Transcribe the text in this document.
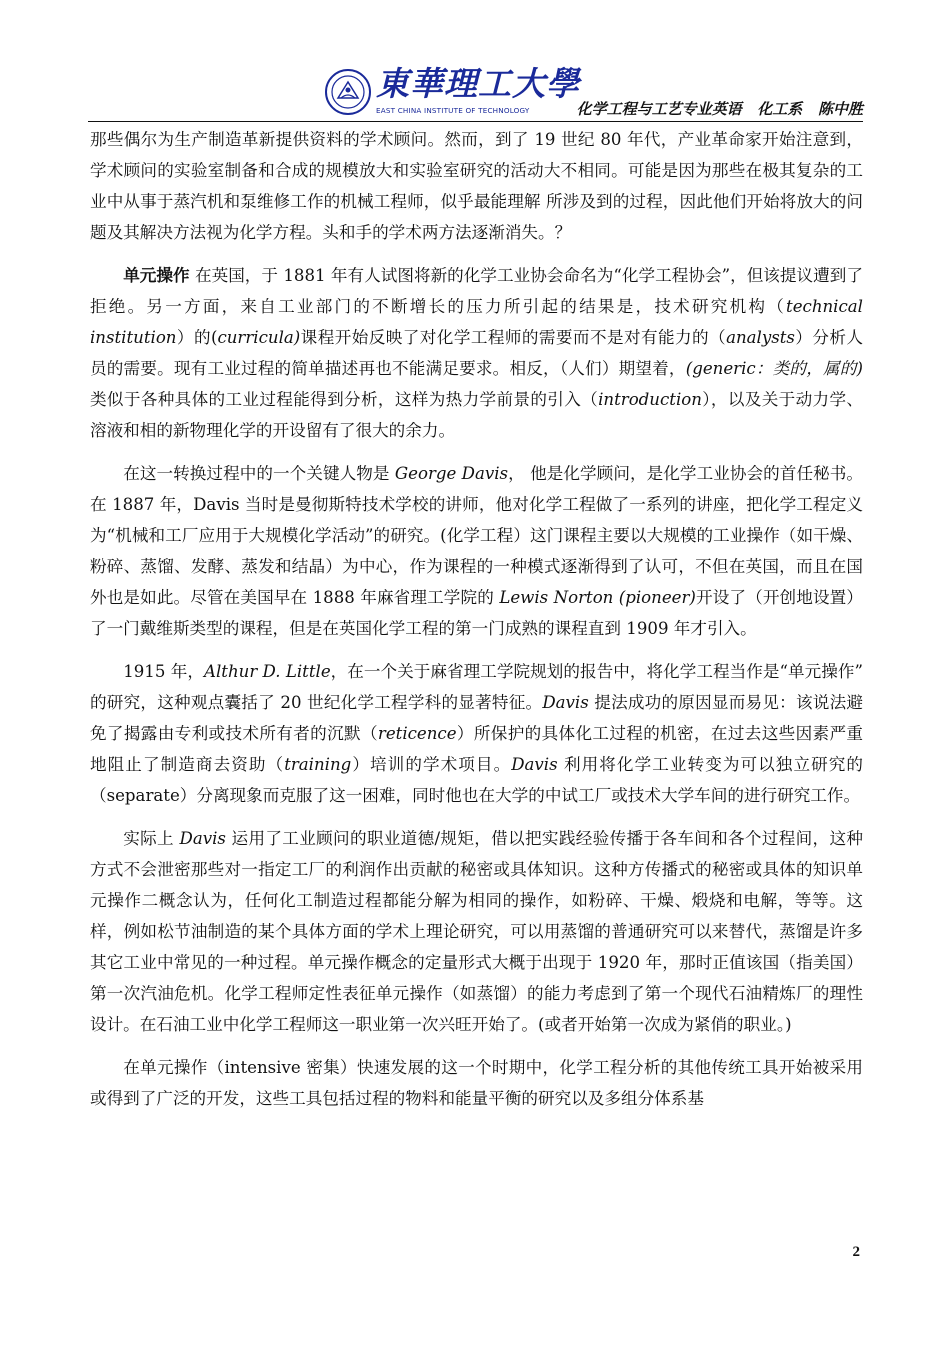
東華理工大學
EAST CHINA INSTITUTE OF TECHNOLOGY	化学工程与工艺专业英语 化工系 陈中胜

那些偶尔为生产制造革新提供资料的学术顾问。然而，到了 19 世纪 80 年代，产业革命家开始注意到，学术顾问的实验室制备和合成的规模放大和实验室研究的活动大不相同。可能是因为那些在极其复杂的工业中从事于蒸汽机和泵维修工作的机械工程师，似乎最能理解 所涉及到的过程，因此他们开始将放大的问题及其解决方法视为化学方程。头和手的学术两方法逐渐消失。？

单元操作 在英国，于 1881 年有人试图将新的化学工业协会命名为“化学工程协会”，但该提议遭到了拒绝。另一方面，来自工业部门的不断增长的压力所引起的结果是，技术研究机构（technical institution）的(curricula)课程开始反映了对化学工程师的需要而不是对有能力的（analysts）分析人员的需要。现有工业过程的简单描述再也不能满足要求。相反，（人们）期望着，(generic：类的，属的)类似于各种具体的工业过程能得到分析，这样为热力学前景的引入（introduction），以及关于动力学、溶液和相的新物理化学的开设留有了很大的余力。

在这一转换过程中的一个关键人物是 George Davis， 他是化学顾问，是化学工业协会的首任秘书。在 1887 年，Davis 当时是曼彻斯特技术学校的讲师，他对化学工程做了一系列的讲座，把化学工程定义为“机械和工厂应用于大规模化学活动”的研究。(化学工程）这门课程主要以大规模的工业操作（如干燥、粉碎、蒸馏、发酵、蒸发和结晶）为中心，作为课程的一种模式逐渐得到了认可，不但在英国，而且在国外也是如此。尽管在美国早在 1888 年麻省理工学院的 Lewis Norton (pioneer)开设了（开创地设置）了一门戴维斯类型的课程，但是在英国化学工程的第一门成熟的课程直到 1909 年才引入。

1915 年，Althur D. Little，在一个关于麻省理工学院规划的报告中，将化学工程当作是“单元操作” 的研究，这种观点囊括了 20 世纪化学工程学科的显著特征。Davis 提法成功的原因显而易见：该说法避免了揭露由专利或技术所有者的沉默（reticence）所保护的具体化工过程的机密，在过去这些因素严重地阻止了制造商去资助（training）培训的学术项目。Davis 利用将化学工业转变为可以独立研究的（separate）分离现象而克服了这一困难，同时他也在大学的中试工厂或技术大学车间的进行研究工作。

实际上 Davis 运用了工业顾问的职业道德/规矩，借以把实践经验传播于各车间和各个过程间，这种方式不会泄密那些对一指定工厂的利润作出贡献的秘密或具体知识。这种方传播式的秘密或具体的知识单元操作二概念认为，任何化工制造过程都能分解为相同的操作，如粉碎、干燥、煅烧和电解，等等。这样，例如松节油制造的某个具体方面的学术上理论研究，可以用蒸馏的普通研究可以来替代，蒸馏是许多其它工业中常见的一种过程。单元操作概念的定量形式大概于出现于 1920 年，那时正值该国（指美国）第一次汽油危机。化学工程师定性表征单元操作（如蒸馏）的能力考虑到了第一个现代石油精炼厂的理性设计。在石油工业中化学工程师这一职业第一次兴旺开始了。(或者开始第一次成为紧俏的职业。)

在单元操作（intensive 密集）快速发展的这一个时期中，化学工程分析的其他传统工具开始被采用或得到了广泛的开发，这些工具包括过程的物料和能量平衡的研究以及多组分体系基

2
